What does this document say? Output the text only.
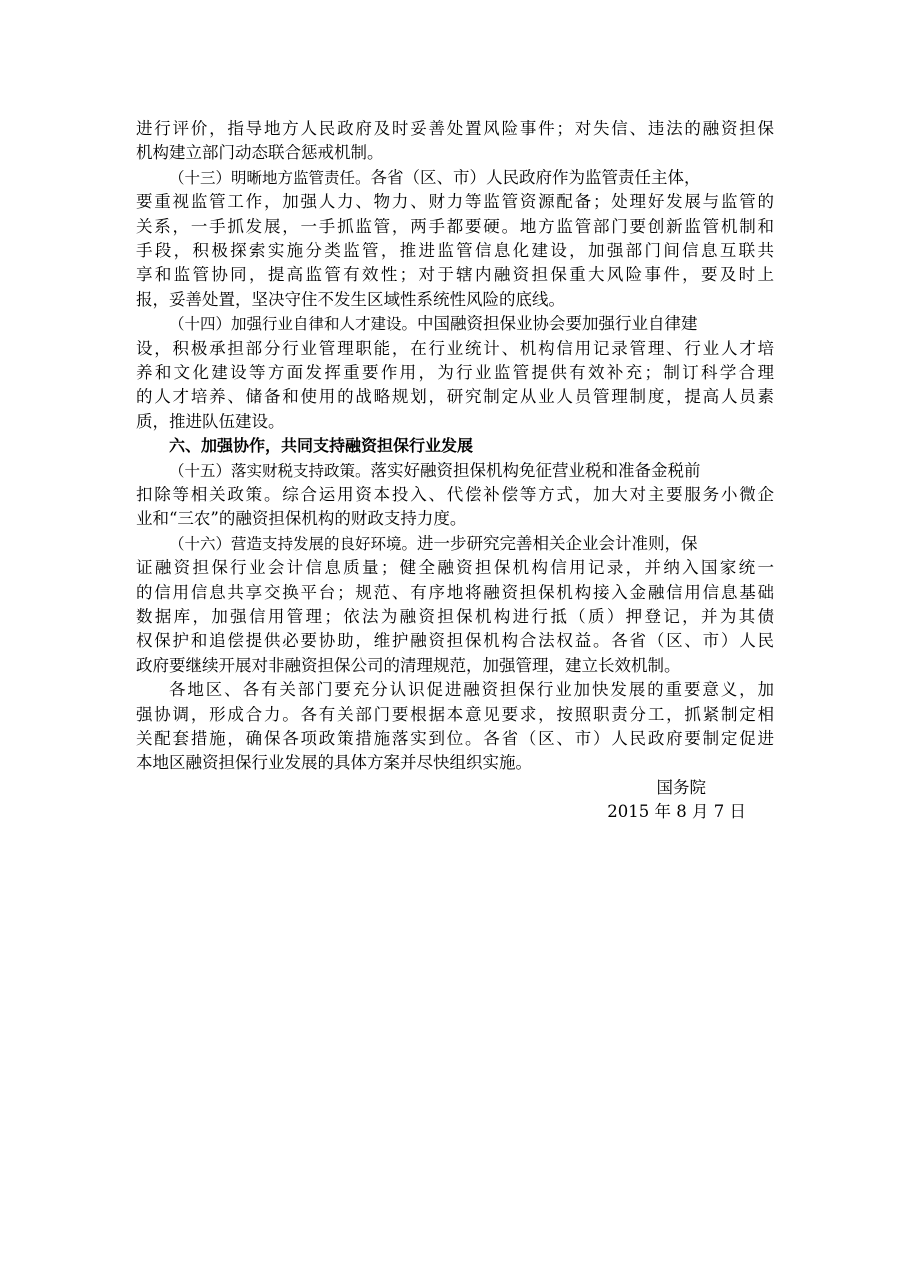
进行评价，指导地方人民政府及时妥善处置风险事件；对失信、违法的融资担保
机构建立部门动态联合惩戒机制。
（十三）明晰地方监管责任。各省（区、市）人民政府作为监管责任主体，
要重视监管工作，加强人力、物力、财力等监管资源配备；处理好发展与监管的
关系，一手抓发展，一手抓监管，两手都要硬。地方监管部门要创新监管机制和
手段，积极探索实施分类监管，推进监管信息化建设，加强部门间信息互联共
享和监管协同，提高监管有效性；对于辖内融资担保重大风险事件，要及时上
报，妥善处置，坚决守住不发生区域性系统性风险的底线。
（十四）加强行业自律和人才建设。中国融资担保业协会要加强行业自律建
设，积极承担部分行业管理职能，在行业统计、机构信用记录管理、行业人才培
养和文化建设等方面发挥重要作用，为行业监管提供有效补充；制订科学合理
的人才培养、储备和使用的战略规划，研究制定从业人员管理制度，提高人员素
质，推进队伍建设。
六、加强协作，共同支持融资担保行业发展
（十五）落实财税支持政策。落实好融资担保机构免征营业税和准备金税前
扣除等相关政策。综合运用资本投入、代偿补偿等方式，加大对主要服务小微企
业和“三农”的融资担保机构的财政支持力度。
（十六）营造支持发展的良好环境。进一步研究完善相关企业会计准则，保
证融资担保行业会计信息质量；健全融资担保机构信用记录，并纳入国家统一
的信用信息共享交换平台；规范、有序地将融资担保机构接入金融信用信息基础
数据库，加强信用管理；依法为融资担保机构进行抵（质）押登记，并为其债
权保护和追偿提供必要协助，维护融资担保机构合法权益。各省（区、市）人民
政府要继续开展对非融资担保公司的清理规范，加强管理，建立长效机制。
各地区、各有关部门要充分认识促进融资担保行业加快发展的重要意义，加
强协调，形成合力。各有关部门要根据本意见要求，按照职责分工，抓紧制定相
关配套措施，确保各项政策措施落实到位。各省（区、市）人民政府要制定促进
本地区融资担保行业发展的具体方案并尽快组织实施。
国务院
2015 年 8 月 7 日
